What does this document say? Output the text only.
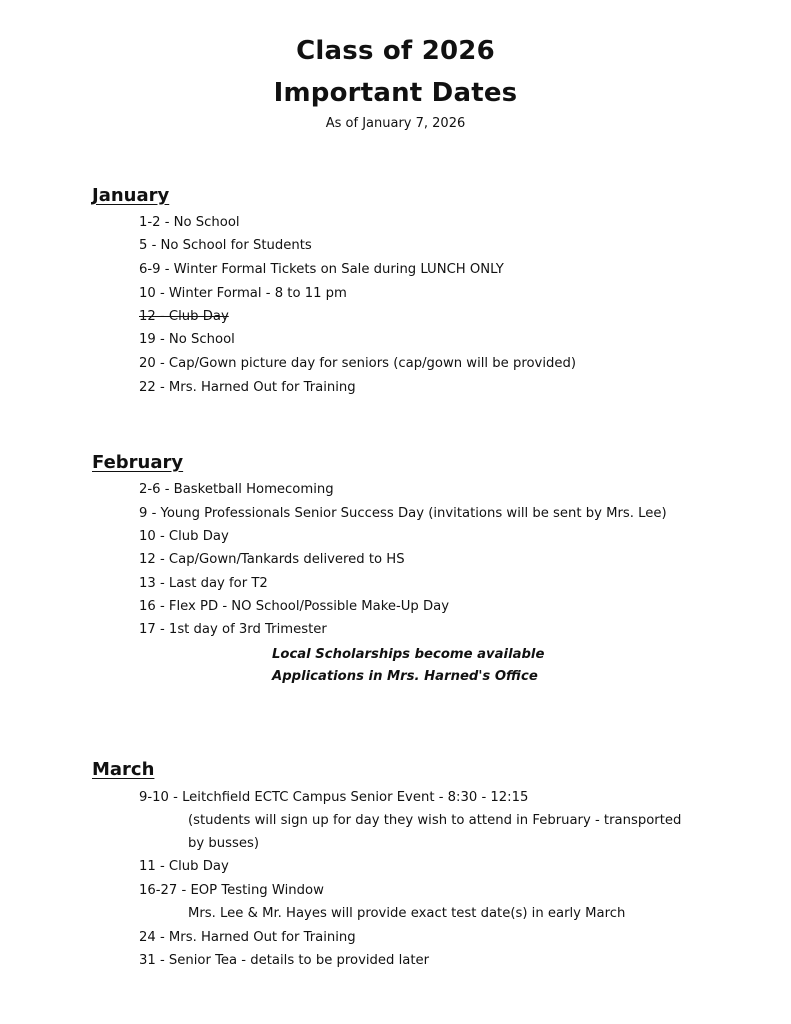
Class of 2026
Important Dates
As of January 7, 2026
January
1-2 - No School
5 - No School for Students
6-9 - Winter Formal Tickets on Sale during LUNCH ONLY
10 - Winter Formal - 8 to 11 pm
12 - Club Day
19 - No School
20 - Cap/Gown picture day for seniors (cap/gown will be provided)
22 - Mrs. Harned Out for Training
February
2-6 - Basketball Homecoming
9 - Young Professionals Senior Success Day (invitations will be sent by Mrs. Lee)
10 - Club Day
12 - Cap/Gown/Tankards delivered to HS
13 - Last day for T2
16 - Flex PD - NO School/Possible Make-Up Day
17 - 1st day of 3rd Trimester
Local Scholarships become available
Applications in Mrs. Harned's Office
March
9-10 - Leitchfield ECTC Campus Senior Event - 8:30 - 12:15
(students will sign up for day they wish to attend in February - transported
by busses)
11 - Club Day
16-27 - EOP Testing Window
Mrs. Lee & Mr. Hayes will provide exact test date(s) in early March
24 - Mrs. Harned Out for Training
31 - Senior Tea - details to be provided later
